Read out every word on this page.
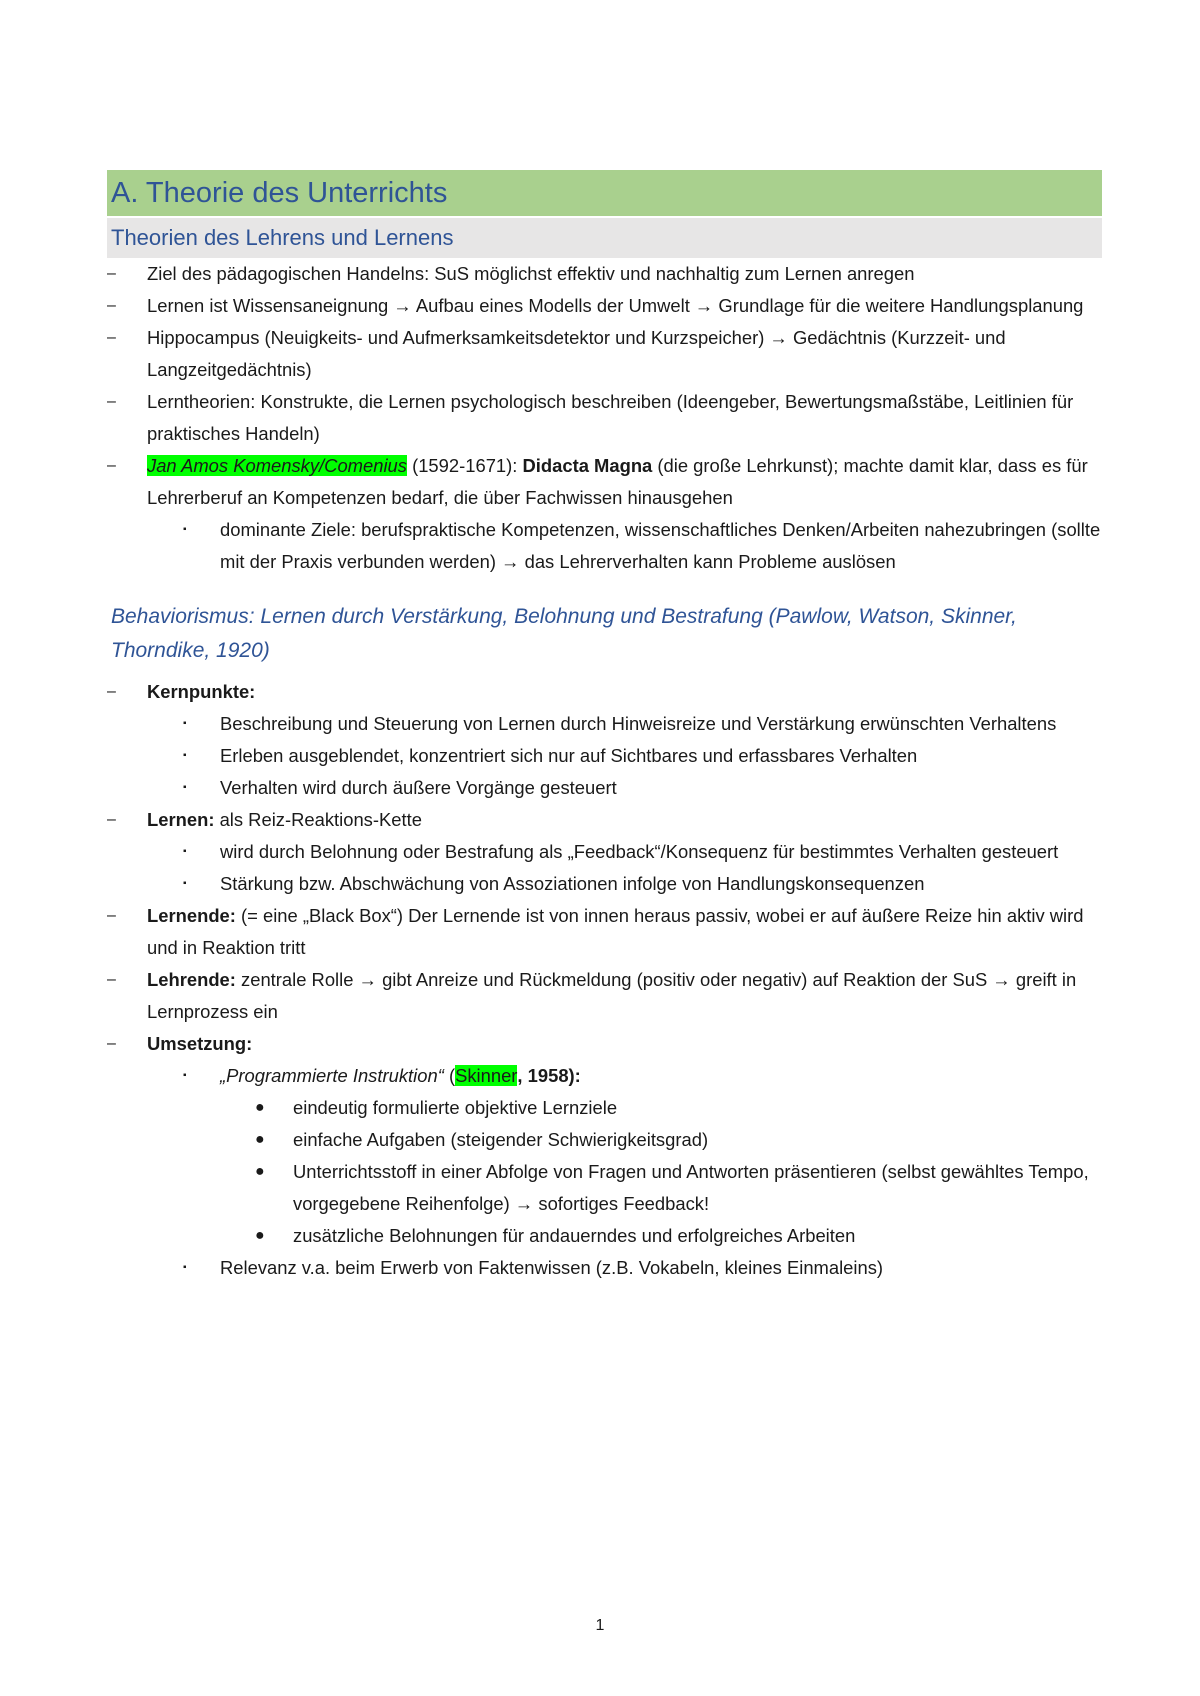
A. Theorie des Unterrichts
Theorien des Lehrens und Lernens
– Ziel des pädagogischen Handelns: SuS möglichst effektiv und nachhaltig zum Lernen anregen
– Lernen ist Wissensaneignung → Aufbau eines Modells der Umwelt → Grundlage für die weitere Handlungsplanung
– Hippocampus (Neuigkeits- und Aufmerksamkeitsdetektor und Kurzspeicher) → Gedächtnis (Kurzzeit- und Langzeitgedächtnis)
– Lerntheorien: Konstrukte, die Lernen psychologisch beschreiben (Ideengeber, Bewertungsmaßstäbe, Leitlinien für praktisches Handeln)
– Jan Amos Komensky/Comenius (1592-1671): Didacta Magna (die große Lehrkunst); machte damit klar, dass es für Lehrerberuf an Kompetenzen bedarf, die über Fachwissen hinausgehen
▪ dominante Ziele: berufspraktische Kompetenzen, wissenschaftliches Denken/Arbeiten nahezubringen (sollte mit der Praxis verbunden werden) → das Lehrerverhalten kann Probleme auslösen
Behaviorismus: Lernen durch Verstärkung, Belohnung und Bestrafung (Pawlow, Watson, Skinner, Thorndike, 1920)
– Kernpunkte:
▪ Beschreibung und Steuerung von Lernen durch Hinweisreize und Verstärkung erwünschten Verhaltens
▪ Erleben ausgeblendet, konzentriert sich nur auf Sichtbares und erfassbares Verhalten
▪ Verhalten wird durch äußere Vorgänge gesteuert
– Lernen: als Reiz-Reaktions-Kette
▪ wird durch Belohnung oder Bestrafung als „Feedback“/Konsequenz für bestimmtes Verhalten gesteuert
▪ Stärkung bzw. Abschwächung von Assoziationen infolge von Handlungskonsequenzen
– Lernende: (= eine „Black Box“) Der Lernende ist von innen heraus passiv, wobei er auf äußere Reize hin aktiv wird und in Reaktion tritt
– Lehrende: zentrale Rolle → gibt Anreize und Rückmeldung (positiv oder negativ) auf Reaktion der SuS → greift in Lernprozess ein
– Umsetzung:
▪ „Programmierte Instruktion“ (Skinner, 1958):
● eindeutig formulierte objektive Lernziele
● einfache Aufgaben (steigender Schwierigkeitsgrad)
● Unterrichtsstoff in einer Abfolge von Fragen und Antworten präsentieren (selbst gewähltes Tempo, vorgegebene Reihenfolge) → sofortiges Feedback!
● zusätzliche Belohnungen für andauerndes und erfolgreiches Arbeiten
▪ Relevanz v.a. beim Erwerb von Faktenwissen (z.B. Vokabeln, kleines Einmaleins)
1
